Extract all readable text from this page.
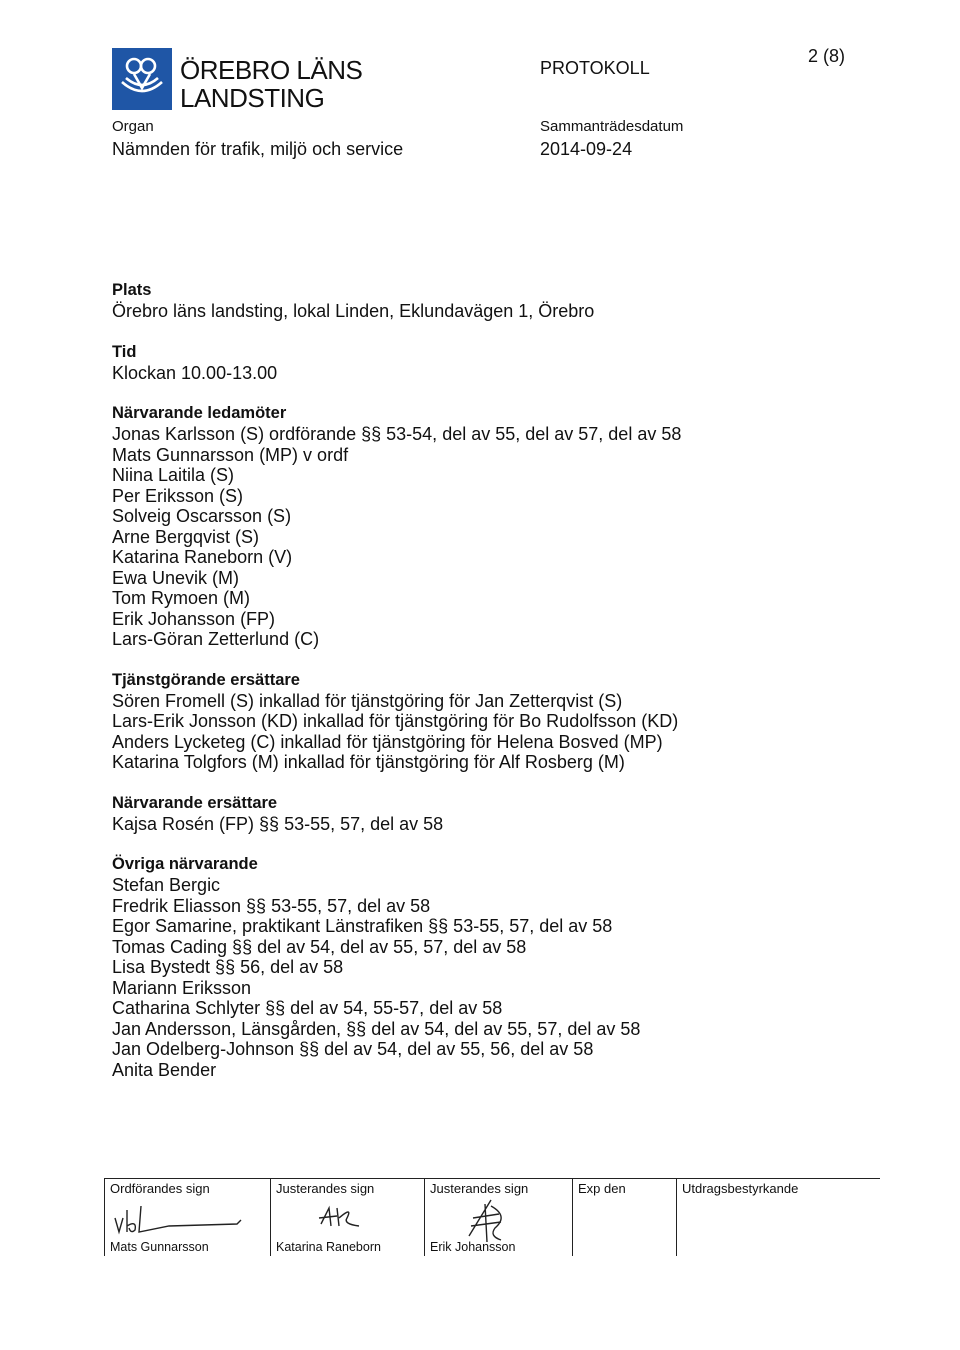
ÖREBRO LÄNS
LANDSTING
PROTOKOLL
2 (8)
Organ
Nämnden för trafik, miljö och service
Sammanträdesdatum
2014-09-24
Plats
Örebro läns landsting, lokal Linden, Eklundavägen 1, Örebro
Tid
Klockan 10.00-13.00
Närvarande ledamöter
Jonas Karlsson (S) ordförande §§ 53-54, del av 55, del av 57, del av 58
Mats Gunnarsson (MP) v ordf
Niina Laitila (S)
Per Eriksson (S)
Solveig Oscarsson (S)
Arne Bergqvist (S)
Katarina Raneborn (V)
Ewa Unevik (M)
Tom Rymoen (M)
Erik Johansson (FP)
Lars-Göran Zetterlund (C)
Tjänstgörande ersättare
Sören Fromell (S) inkallad för tjänstgöring för Jan Zetterqvist (S)
Lars-Erik Jonsson (KD) inkallad för tjänstgöring för Bo Rudolfsson (KD)
Anders Lycketeg (C) inkallad för tjänstgöring för Helena Bosved (MP)
Katarina Tolgfors (M) inkallad för tjänstgöring för Alf Rosberg (M)
Närvarande ersättare
Kajsa Rosén (FP) §§ 53-55, 57, del av 58
Övriga närvarande
Stefan Bergic
Fredrik Eliasson §§ 53-55, 57, del av 58
Egor Samarine, praktikant Länstrafiken §§ 53-55, 57, del av 58
Tomas Cading §§ del av 54, del av 55, 57, del av 58
Lisa Bystedt §§ 56, del av 58
Mariann Eriksson
Catharina Schlyter §§ del av 54, 55-57, del av 58
Jan Andersson, Länsgården, §§ del av 54, del av 55, 57, del av 58
Jan Odelberg-Johnson §§ del av 54, del av 55, 56, del av 58
Anita Bender
Ordförandes sign
Mats Gunnarsson
Justerandes sign
Katarina Raneborn
Justerandes sign
Erik Johansson
Exp den	Utdragsbestyrkande
